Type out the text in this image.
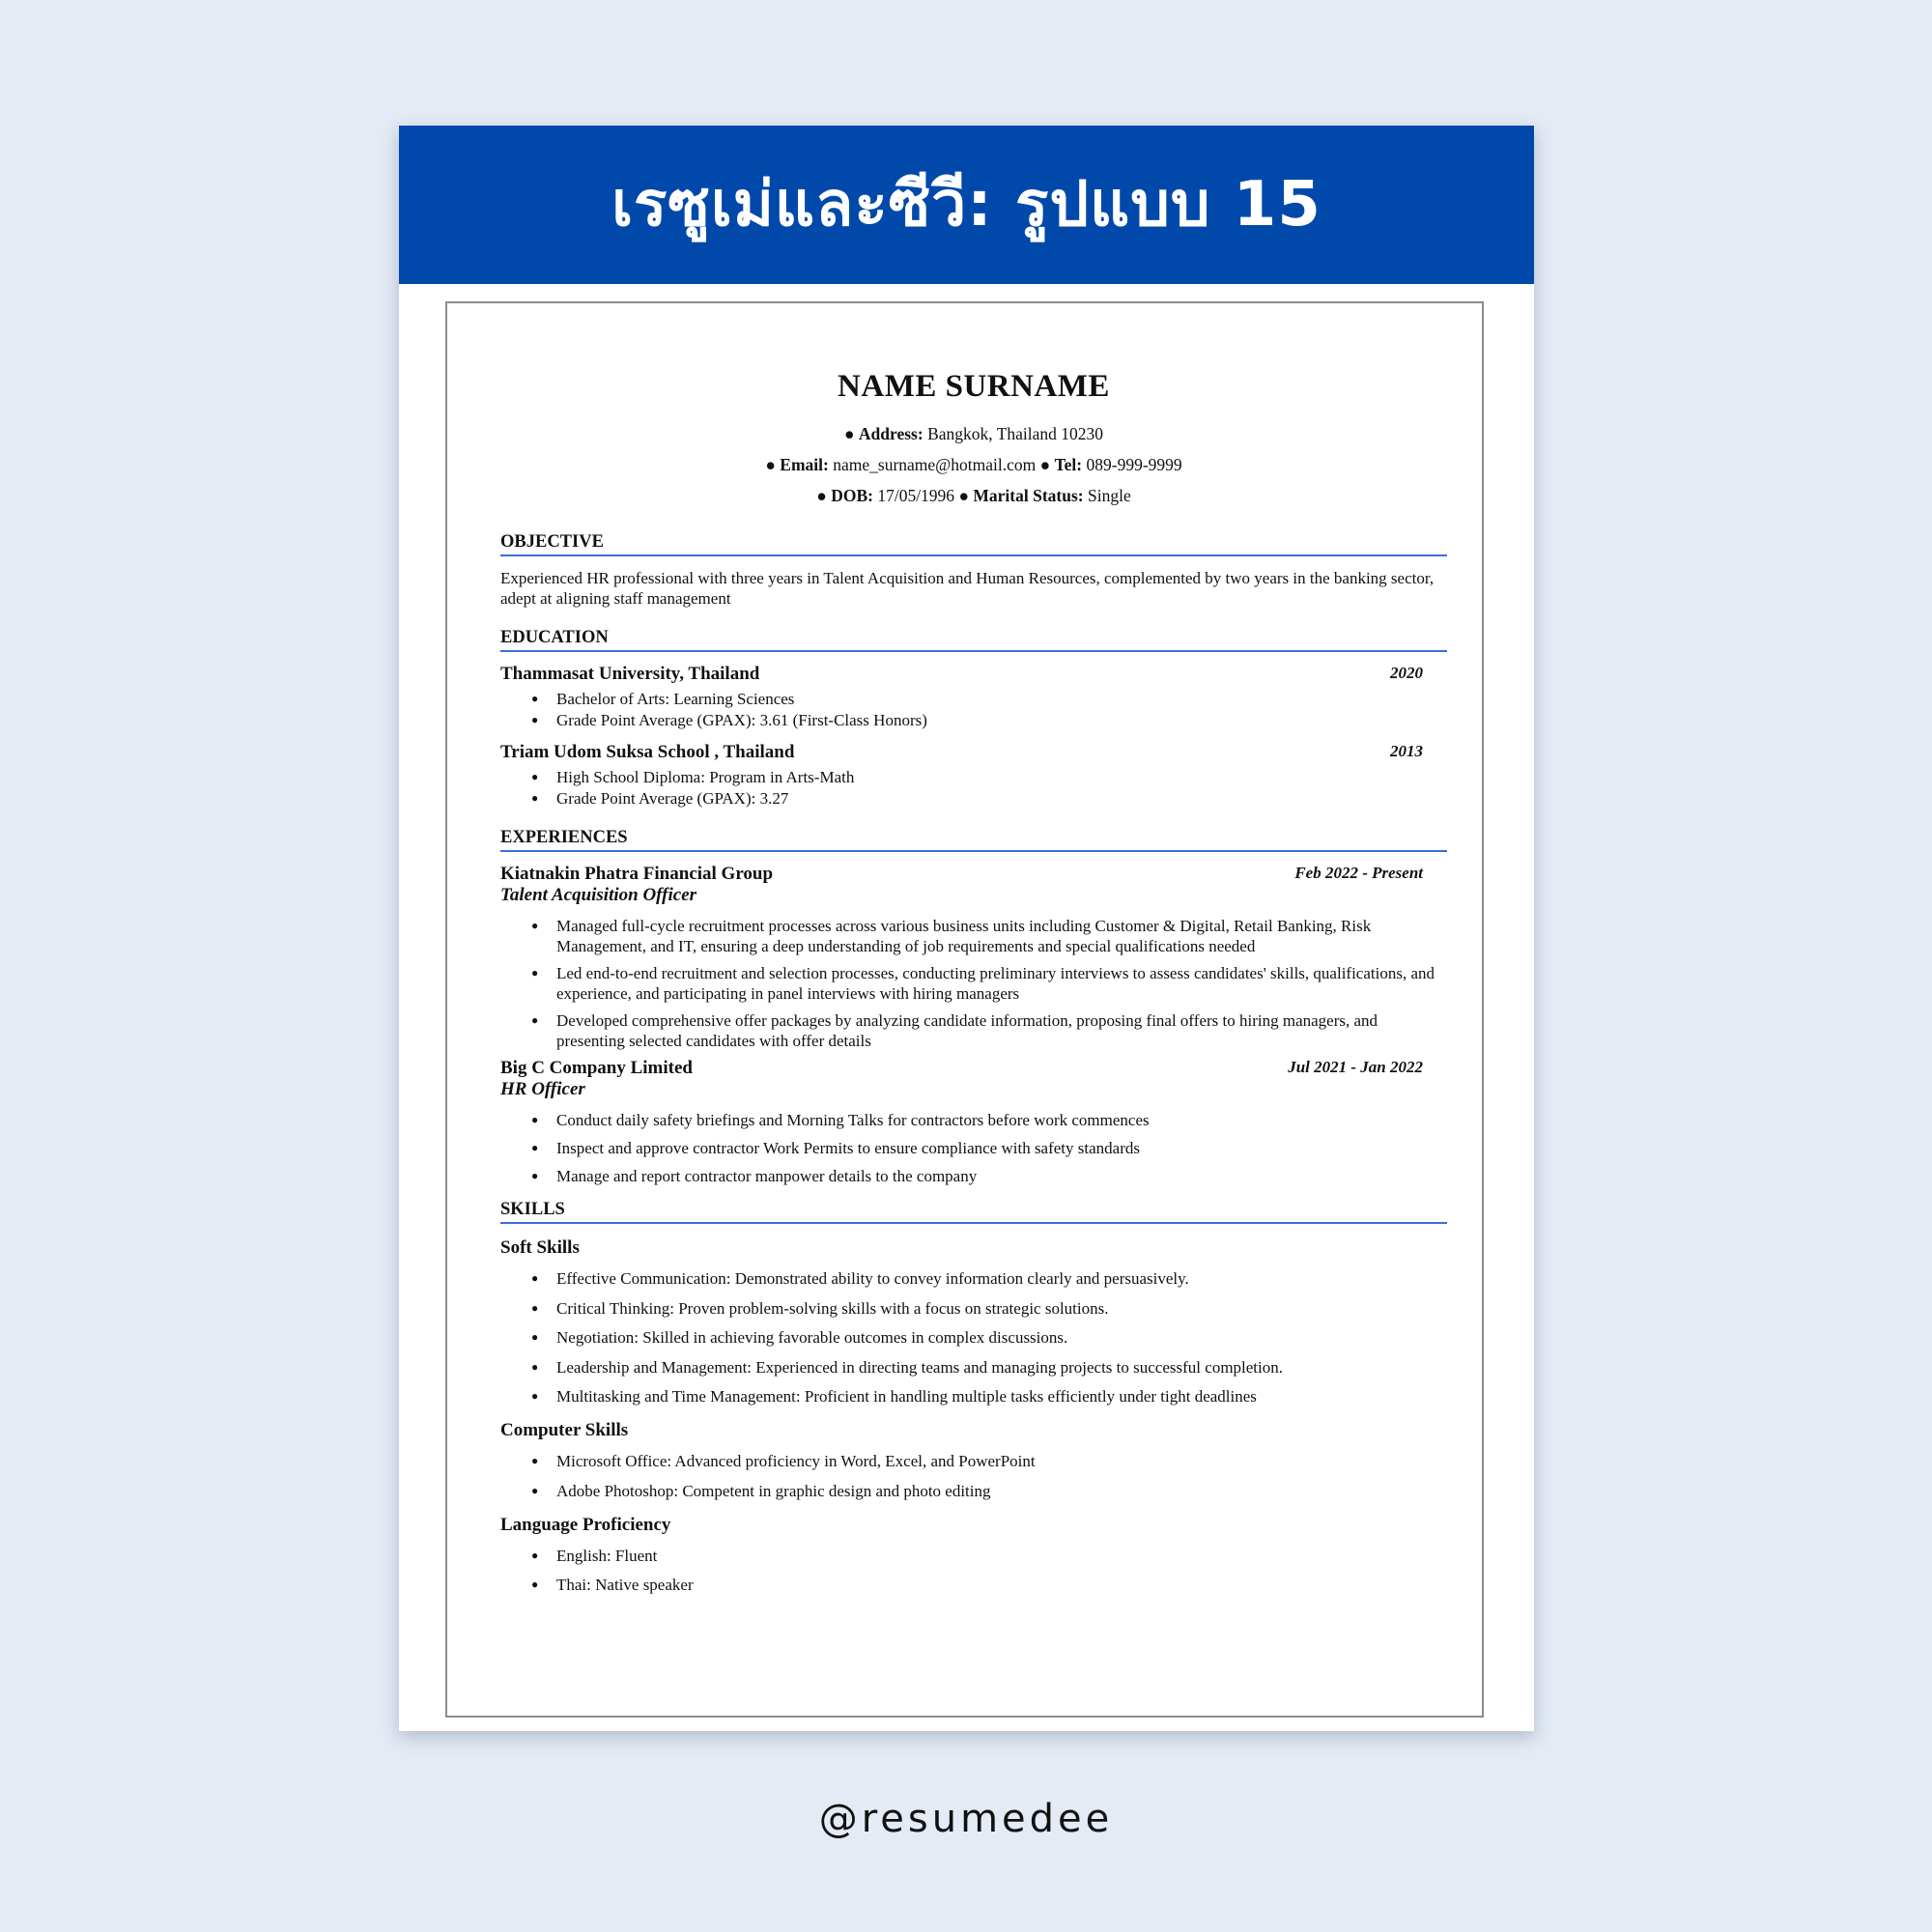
เรซูเม่และซีวี: รูปแบบ 15
NAME SURNAME
● Address: Bangkok, Thailand 10230
● Email: name_surname@hotmail.com ● Tel: 089-999-9999
● DOB: 17/05/1996 ● Marital Status: Single
OBJECTIVE
Experienced HR professional with three years in Talent Acquisition and Human Resources, complemented by two years in the banking sector, adept at aligning staff management
EDUCATION
Thammasat University, Thailand	2020
● Bachelor of Arts: Learning Sciences
● Grade Point Average (GPAX): 3.61 (First-Class Honors)
Triam Udom Suksa School , Thailand	2013
● High School Diploma: Program in Arts-Math
● Grade Point Average (GPAX): 3.27
EXPERIENCES
Kiatnakin Phatra Financial Group	Feb 2022 - Present
Talent Acquisition Officer
● Managed full-cycle recruitment processes across various business units including Customer & Digital, Retail Banking, Risk Management, and IT, ensuring a deep understanding of job requirements and special qualifications needed
● Led end-to-end recruitment and selection processes, conducting preliminary interviews to assess candidates' skills, qualifications, and experience, and participating in panel interviews with hiring managers
● Developed comprehensive offer packages by analyzing candidate information, proposing final offers to hiring managers, and presenting selected candidates with offer details
Big C Company Limited	Jul 2021 - Jan 2022
HR Officer
● Conduct daily safety briefings and Morning Talks for contractors before work commences
● Inspect and approve contractor Work Permits to ensure compliance with safety standards
● Manage and report contractor manpower details to the company
SKILLS
Soft Skills
● Effective Communication: Demonstrated ability to convey information clearly and persuasively.
● Critical Thinking: Proven problem-solving skills with a focus on strategic solutions.
● Negotiation: Skilled in achieving favorable outcomes in complex discussions.
● Leadership and Management: Experienced in directing teams and managing projects to successful completion.
● Multitasking and Time Management: Proficient in handling multiple tasks efficiently under tight deadlines
Computer Skills
● Microsoft Office: Advanced proficiency in Word, Excel, and PowerPoint
● Adobe Photoshop: Competent in graphic design and photo editing
Language Proficiency
● English: Fluent
● Thai: Native speaker
@resumedee
